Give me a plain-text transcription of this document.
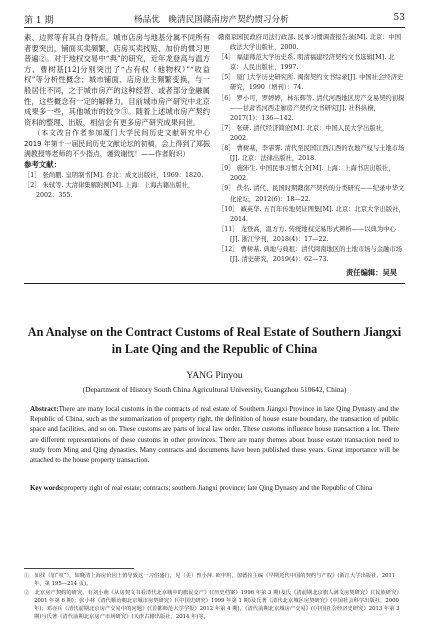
第 1 期	杨品优　晚清民国赣南房产契约惯习分析	53

素、边界等有其自身特点。城市店房与地基分属不同所有者要突出，铺面买卖频繁，店房买卖找贴、加价的惯习更普遍②。对于地权交易中“典”的研究，近年龙登高与温方方、曹树基[12]分别突出了“占有权（他物权）”“收益权”等分析性概念；城市铺面、店房业主频繁变换，与一般居住不同，之于城市房产的这种经营、或者部分金融属性，这些概念有一定的解释力。目前城市房产研究中北京成果多一些，其他城市的较少③。随着上述城市房产契约资料的整理、出版，相信会有更多房产研究成果问世。

（本文改自作者参加厦门大学民间历史文献研究中心 2019 年第十一届民间历史文献论坛的初稿，会上得到了郑振满教授等老师的不少指点，谨致谢忱！——作者附识）

参考文献：
［1］ 张尚鹏. 皇明制书[M]. 台北：成文出版社，1969：1820.
［2］ 朱轼等. 大清律集解附例[M]. 上海：上海古籍出版社，2002：355.
赣南京园民政府司法行政部. 民事习惯调查报告录[M]. 北京：中国政法大学出版社，2000.
［4］ 福建师范大学历史系. 明清福建经济契约文书选辑[M]. 北京：人民出版社，1997.
［5］ 厦门大学历史研究所. 闽南契约文书综录[J]. 中国社会经济史研究，1990（增刊）：74.
［6］ 罗小可，罗婷婷，林东辉等. 清代河西地区房产交易契约初探——甘肃省河西走廊房产契约文书研究[J]. 社科纵横，2017(1)：136—142.
［7］ 张研. 清代经济简论[M]. 北京：中国人民大学出版社，2002.
［8］ 曹树基，李霏霁. 清代至民国江西江西的农地产权与土地市场[J]. 北京：法律出版社，2018.
［9］ 施沛生. 中国民事习惯大全[M]. 上海：上海书店出版社，2002.
［9］ 佚名. 清代、民国时期赣南产契约的分类研究——纪录中华文化论坛，2012(6)：18—22.
［10］ 臧英华. 五百年传地契证图集[M]. 北京：北京大学出版社，2014.
［11］ 龙登高，温方方. 传统地权交易形式辨析——以典为中心[J]. 浙江学刊，2018(4)：17—22.
［12］ 曹树基. 典地与典租：清代闽南地区的土地市场与金融市场[J]. 清史研究，2019(4)：62—73.
责任编辑：吴昊
An Analyse on the Contract Customs of Real Estate of Southern Jiangxi
in Late Qing and the Republic of China
YANG Pinyou
(Department of History South China Agricultural University, Guangzhou 510642, China)
Abstract:There are many local customs in the contracts of real estate of Southern Jiangxi Province in late Qing Dynasty and the Republic of China, such as the summarization of property right, the definition of house estate boundary, the transaction of public space and facilities, and so on. These customs are parts of local law order. These customs influence house transaction a lot. There are different representations of these customs in other provinces. There are many themes about house estate transaction need to study from Ming and Qing dynasties. Many contracts and documents have been published these years. Great importance will be attached to the house property transaction.
Key words:property right of real estate; contracts; southern Jiangxi province; late Qing Dynasty and the Republic of China

①　如找（加“叹”），如晚清上海房价因土值导致这一习俗盛行，见（美）曾小萍. 欧申坦，加德拉主编《早期近代中国的契约与产权》(浙江大学出版社，2011 年，第 195—214 页)。

②　北京房产契约的研究，有刘小萌《从房契文书看清代北京城中的旗民交产》(《历史档案》1996 年第 3 期)及氏《清前期北京旗人满文房契研究》(《民族研究》2001 年第 6 期)；张小林《清代顺治朝北京城市房契研究》(《中国史研究》1999 年第 1 期)及氏著《清代北京城区房契研究》(中国社会科学出版社，2000 年)；邓亦兵《清代前期北京房产交易中的问题》(《首都师范大学学报》2012 年第 4 期)，《清代前期北京城房产交易》(《中国社会经济史研究》2013 年第 3 期)与氏著《清代前期北京房产市场研究》(天津古籍出版社，2014 年)等。
